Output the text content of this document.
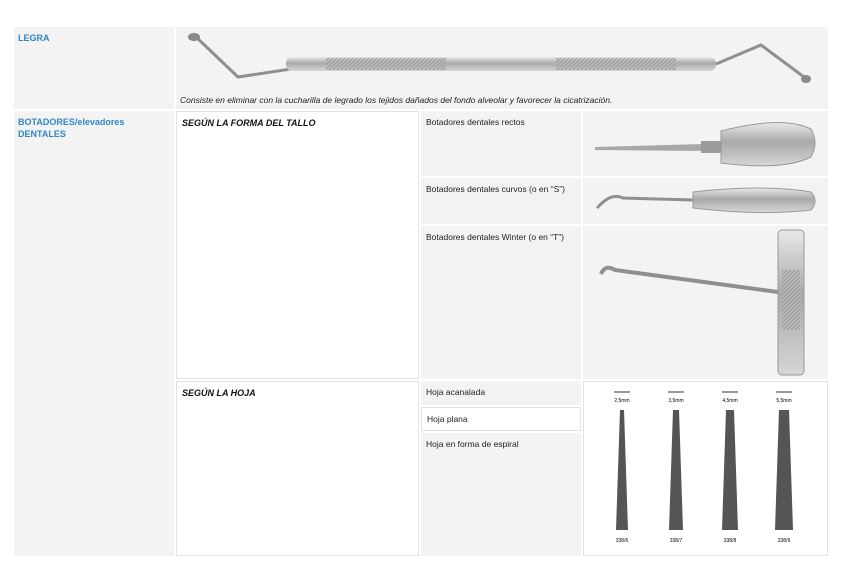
LEGRA
Consiste en eliminar con la cucharilla de legrado los tejidos dañados del fondo alveolar y favorecer la cicatrización.
BOTADORES/elevadores DENTALES
SEGÚN LA FORMA DEL TALLO	Botadores dentales rectos
Botadores dentales curvos (o en “S”)
Botadores dentales Winter (o en “T”)
SEGÚN LA HOJA	Hoja acanalada
Hoja plana
Hoja en forma de espiral
2,5mm
338/6
3,5mm
338/7
4,5mm
338/8
5,5mm
338/9
